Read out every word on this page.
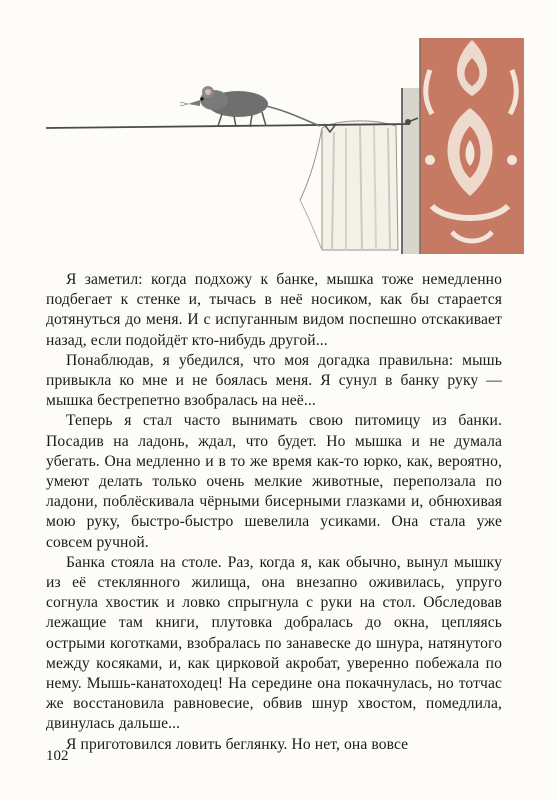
Я заметил: когда подхожу к банке, мышка тоже немедленно подбегает к стенке и, тычась в неё носиком, как бы старается дотянуться до меня. И с испуганным видом поспешно отскакивает назад, если подойдёт кто-нибудь другой...

Понаблюдав, я убедился, что моя догадка правильна: мышь привыкла ко мне и не боялась меня. Я сунул в банку руку — мышка бестрепетно взобралась на неё...

Теперь я стал часто вынимать свою питомицу из банки. Посадив на ладонь, ждал, что будет. Но мышка и не думала убегать. Она медленно и в то же время как-то юрко, как, вероятно, умеют делать только очень мелкие животные, переползала по ладони, поблёскивала чёрными бисерными глазками и, обнюхивая мою руку, быстро-быстро шевелила усиками. Она стала уже совсем ручной.

Банка стояла на столе. Раз, когда я, как обычно, вынул мышку из её стеклянного жилища, она внезапно оживилась, упруго согнула хвостик и ловко спрыгнула с руки на стол. Обследовав лежащие там книги, плутовка добралась до окна, цепляясь острыми коготками, взобралась по занавеске до шнура, натянутого между косяками, и, как цирковой акробат, уверенно побежала по нему. Мышь-канатоходец! На середине она покачнулась, но тотчас же восстановила равновесие, обвив шнур хвостом, помедлила, двинулась дальше...

Я приготовился ловить беглянку. Но нет, она вовсе

102
